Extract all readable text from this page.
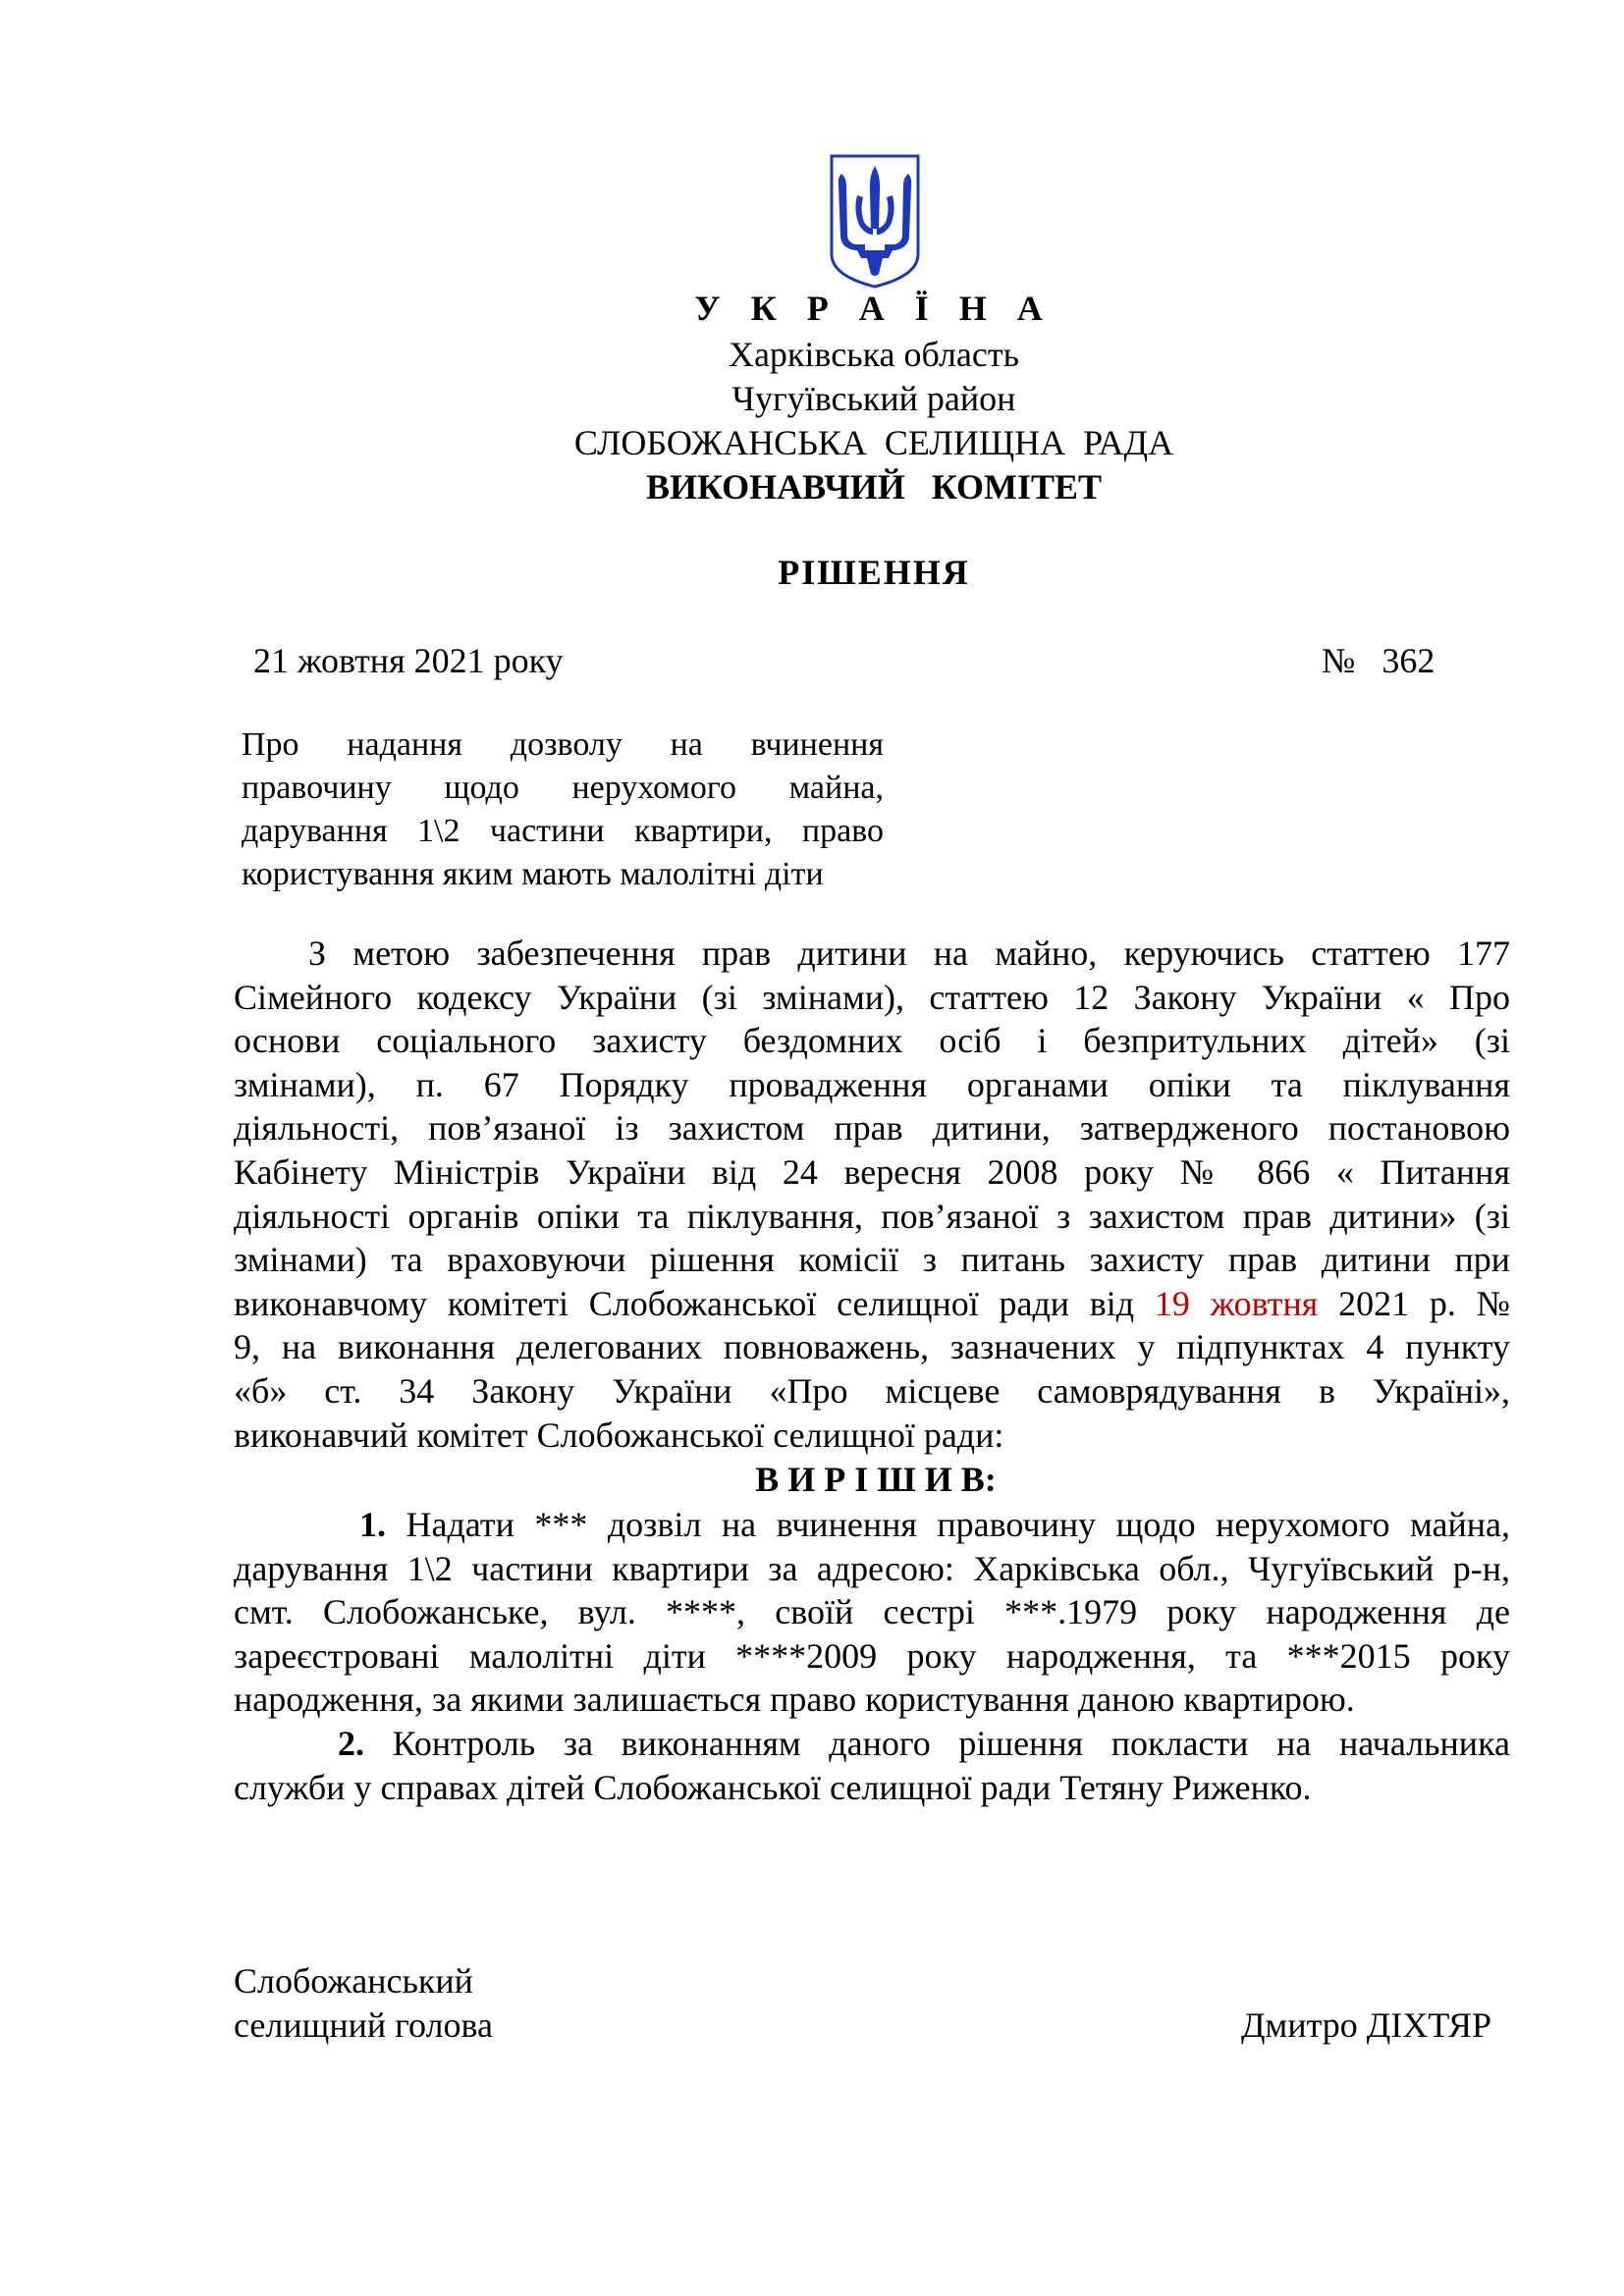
У К Р А Ї Н А
Харківська область
Чугуївський район
СЛОБОЖАНСЬКА  СЕЛИЩНА  РАДА
ВИКОНАВЧИЙ   КОМІТЕТ
РІШЕННЯ
21 жовтня 2021 року	№   362
Про надання дозволу на вчинення
правочину щодо нерухомого майна,
дарування 1\2 частини квартири, право
користування яким мають малолітні діти
З метою забезпечення прав дитини на майно, керуючись статтею 177
Сімейного кодексу України (зі змінами), статтею 12 Закону України « Про
основи соціального захисту бездомних осіб і безпритульних дітей» (зі
змінами), п. 67 Порядку провадження органами опіки та піклування
діяльності, пов’язаної із захистом прав дитини, затвердженого постановою
Кабінету Міністрів України від 24 вересня 2008 року № 866 « Питання
діяльності органів опіки та піклування, пов’язаної з захистом прав дитини» (зі
змінами) та враховуючи рішення комісії з питань захисту прав дитини при
виконавчому комітеті Слобожанської селищної ради від 19 жовтня 2021 р. №
9, на виконання делегованих повноважень, зазначених у підпунктах 4 пункту
«б» ст. 34 Закону України «Про місцеве самоврядування в Україні»,
виконавчий комітет Слобожанської селищної ради:
В И Р І Ш И В:
1. Надати *** дозвіл на вчинення правочину щодо нерухомого майна,
дарування 1\2 частини квартири за адресою: Харківська обл., Чугуївський р-н,
смт. Слобожанське, вул. ****, своїй сестрі ***.1979 року народження де
зареєстровані малолітні діти ****2009 року народження, та ***2015 року
народження, за якими залишається право користування даною квартирою.
2. Контроль за виконанням даного рішення покласти на начальника
служби у справах дітей Слобожанської селищної ради Тетяну Риженко.
Слобожанський
селищний голова	Дмитро ДІХТЯР
